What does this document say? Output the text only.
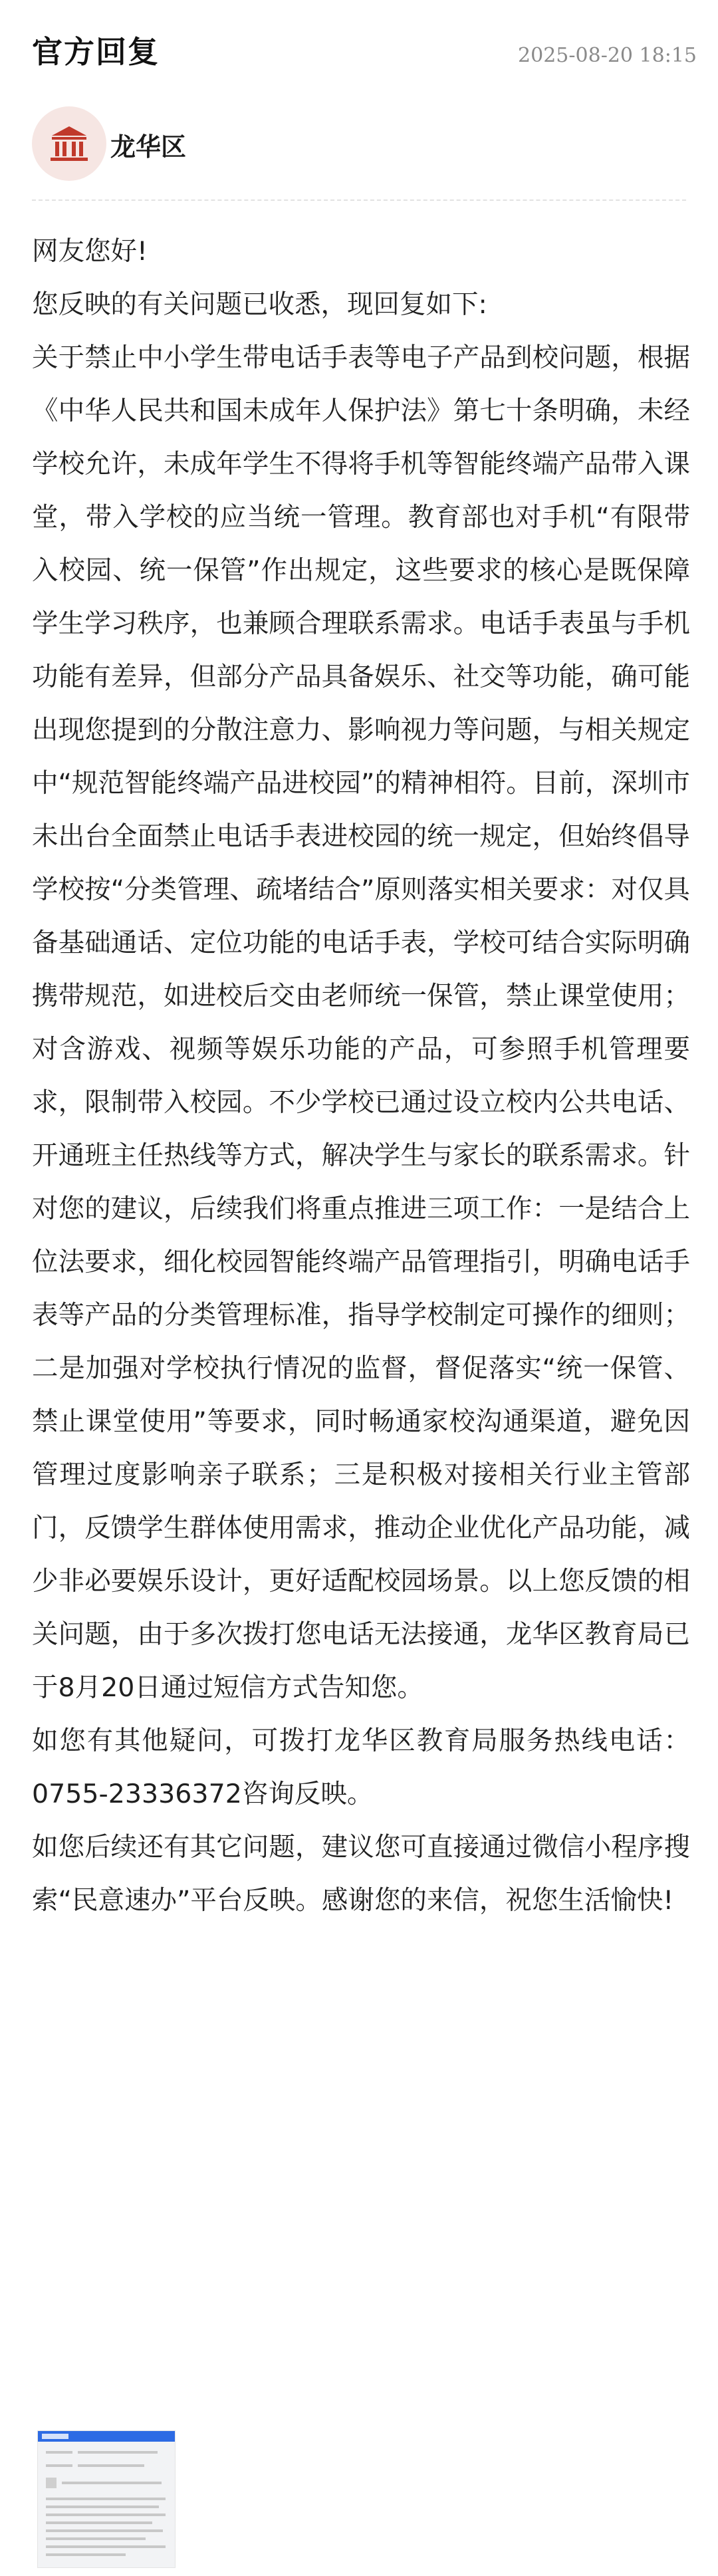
官方回复	2025-08-20 18:15
龙华区

网友您好!

您反映的有关问题已收悉，现回复如下:

关于禁止中小学生带电话手表等电子产品到校问题，根据《中华人民共和国未成年人保护法》第七十条明确，未经学校允许，未成年学生不得将手机等智能终端产品带入课堂，带入学校的应当统一管理。教育部也对手机“有限带入校园、统一保管”作出规定，这些要求的核心是既保障学生学习秩序，也兼顾合理联系需求。电话手表虽与手机功能有差异，但部分产品具备娱乐、社交等功能，确可能出现您提到的分散注意力、影响视力等问题，与相关规定中“规范智能终端产品进校园”的精神相符。目前，深圳市未出台全面禁止电话手表进校园的统一规定，但始终倡导学校按“分类管理、疏堵结合”原则落实相关要求：对仅具备基础通话、定位功能的电话手表，学校可结合实际明确携带规范，如进校后交由老师统一保管，禁止课堂使用；对含游戏、视频等娱乐功能的产品，可参照手机管理要求，限制带入校园。不少学校已通过设立校内公共电话、开通班主任热线等方式，解决学生与家长的联系需求。针对您的建议，后续我们将重点推进三项工作：一是结合上位法要求，细化校园智能终端产品管理指引，明确电话手表等产品的分类管理标准，指导学校制定可操作的细则；二是加强对学校执行情况的监督，督促落实“统一保管、禁止课堂使用”等要求，同时畅通家校沟通渠道，避免因管理过度影响亲子联系；三是积极对接相关行业主管部门，反馈学生群体使用需求，推动企业优化产品功能，减少非必要娱乐设计，更好适配校园场景。以上您反馈的相关问题，由于多次拨打您电话无法接通，龙华区教育局已于8月20日通过短信方式告知您。

如您有其他疑问，可拨打龙华区教育局服务热线电话：0755-23336372咨询反映。

如您后续还有其它问题，建议您可直接通过微信小程序搜索“民意速办”平台反映。感谢您的来信，祝您生活愉快!
